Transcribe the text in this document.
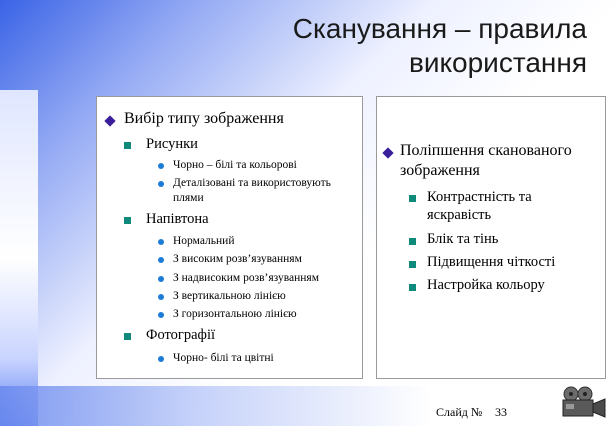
Сканування – правила використання
Вибір типу зображення
Рисунки
Чорно – білі та кольорові
Деталізовані та використовують
плями
Напівтона
Нормальний
З високим розв’язуванням
З надвисоким розв’язуванням
З вертикальною лінією
З горизонтальною лінією
Фотографії
Чорно- білі та цвітні
Поліпшення сканованого
зображення
Контрастність та
яскравість
Блік та тінь
Підвищення чіткості
Настройка кольору
Слайд № 33
